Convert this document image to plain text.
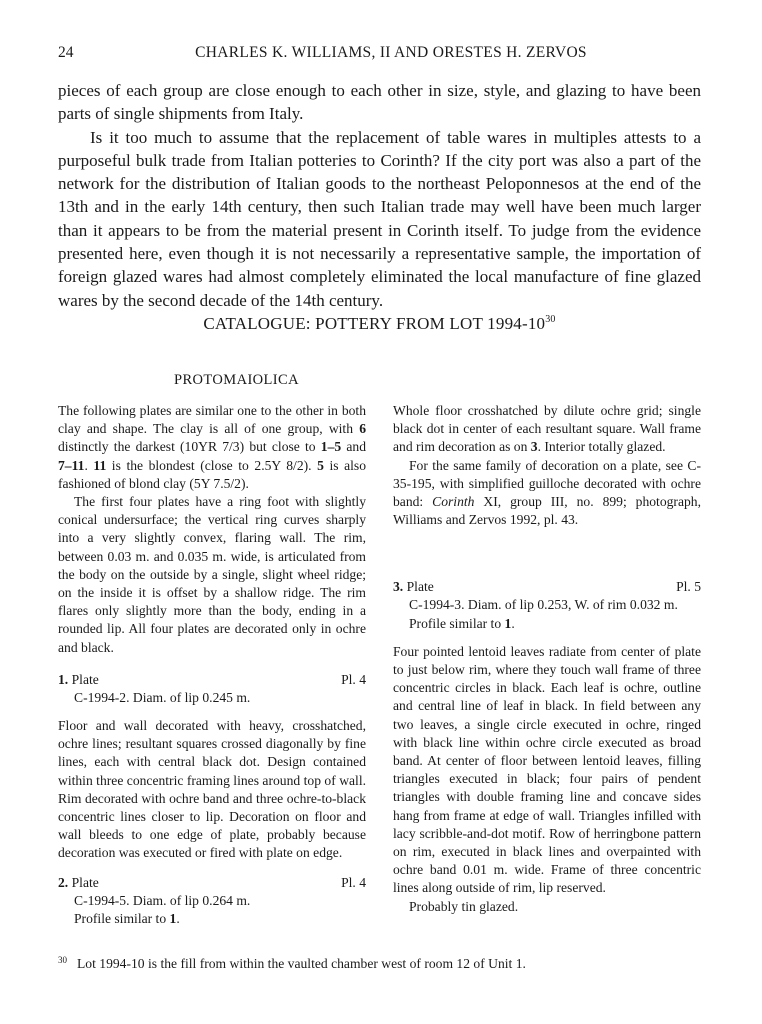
24	CHARLES K. WILLIAMS, II AND ORESTES H. ZERVOS

pieces of each group are close enough to each other in size, style, and glazing to have been parts of single shipments from Italy.

Is it too much to assume that the replacement of table wares in multiples attests to a purposeful bulk trade from Italian potteries to Corinth? If the city port was also a part of the network for the distribution of Italian goods to the northeast Peloponnesos at the end of the 13th and in the early 14th century, then such Italian trade may well have been much larger than it appears to be from the material present in Corinth itself. To judge from the evidence presented here, even though it is not necessarily a representative sample, the importation of foreign glazed wares had almost completely eliminated the local manufacture of fine glazed wares by the second decade of the 14th century.

CATALOGUE: POTTERY FROM LOT $1994-10^{30}$
PROTOMAIOLICA

The following plates are similar one to the other in both clay and shape. The clay is all of one group, with 6 distinctly the darkest (10YR 7/3) but close to 1–5 and 7–11. 11 is the blondest (close to 2.5Y 8/2). 5 is also fashioned of blond clay (5Y 7.5/2).

The first four plates have a ring foot with slightly conical undersurface; the vertical ring curves sharply into a very slightly convex, flaring wall. The rim, between 0.03 m. and 0.035 m. wide, is articulated from the body on the outside by a single, slight wheel ridge; on the inside it is offset by a shallow ridge. The rim flares only slightly more than the body, ending in a rounded lip. All four plates are decorated only in ochre and black.

1. Plate	Pl. 4

C-1994-2. Diam. of lip 0.245 m.

Floor and wall decorated with heavy, crosshatched, ochre lines; resultant squares crossed diagonally by fine lines, each with central black dot. Design contained within three concentric framing lines around top of wall. Rim decorated with ochre band and three ochre-to-black concentric lines closer to lip. Decoration on floor and wall bleeds to one edge of plate, probably because decoration was executed or fired with plate on edge.

2. Plate	Pl. 4

C-1994-5. Diam. of lip 0.264 m.

Profile similar to 1.

Whole floor crosshatched by dilute ochre grid; single black dot in center of each resultant square. Wall frame and rim decoration as on 3. Interior totally glazed.

For the same family of decoration on a plate, see C-35-195, with simplified guilloche decorated with ochre band: Corinth XI, group III, no. 899; photograph, Williams and Zervos 1992, pl. 43.

3. Plate	Pl. 5

C-1994-3. Diam. of lip 0.253, W. of rim 0.032 m.

Profile similar to 1.

Four pointed lentoid leaves radiate from center of plate to just below rim, where they touch wall frame of three concentric circles in black. Each leaf is ochre, outline and central line of leaf in black. In field between any two leaves, a single circle executed in ochre, ringed with black line within ochre circle executed as broad band. At center of floor between lentoid leaves, filling triangles executed in black; four pairs of pendent triangles with double framing line and concave sides hang from frame at edge of wall. Triangles infilled with lacy scribble-and-dot motif. Row of herringbone pattern on rim, executed in black lines and overpainted with ochre band 0.01 m. wide. Frame of three concentric lines along outside of rim, lip reserved.

Probably tin glazed.

$^{30}$ Lot 1994-10 is the fill from within the vaulted chamber west of room 12 of Unit 1.
